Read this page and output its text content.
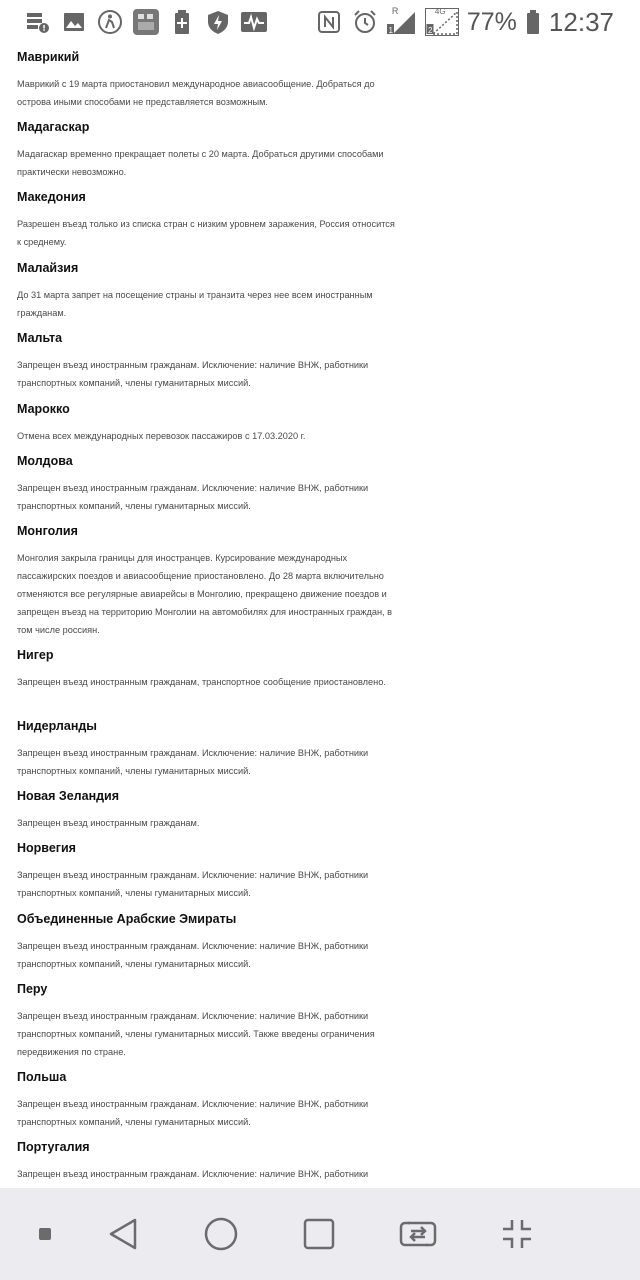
1
R
2
4G 77% 12:37

Маврикий

Маврикий с 19 марта приостановил международное авиасообщение. Добраться до острова иными способами не представляется возможным.

Мадагаскар

Мадагаскар временно прекращает полеты с 20 марта. Добраться другими способами практически невозможно.

Македония

Разрешен въезд только из списка стран с низким уровнем заражения, Россия относится к среднему.

Малайзия

До 31 марта запрет на посещение страны и транзита через нее всем иностранным гражданам.

Мальта

Запрещен въезд иностранным гражданам. Исключение: наличие ВНЖ, работники транспортных компаний, члены гуманитарных миссий.

Марокко

Отмена всех международных перевозок пассажиров с 17.03.2020 г.

Молдова

Запрещен въезд иностранным гражданам. Исключение: наличие ВНЖ, работники транспортных компаний, члены гуманитарных миссий.

Монголия

Монголия закрыла границы для иностранцев. Курсирование международных пассажирских поездов и авиасообщение приостановлено. До 28 марта включительно отменяются все регулярные авиарейсы в Монголию, прекращено движение поездов и запрещен въезд на территорию Монголии на автомобилях для иностранных граждан, в том числе россиян.

Нигер

Запрещен въезд иностранным гражданам, транспортное сообщение приостановлено.

Нидерланды

Запрещен въезд иностранным гражданам. Исключение: наличие ВНЖ, работники транспортных компаний, члены гуманитарных миссий.

Новая Зеландия

Запрещен въезд иностранным гражданам.

Норвегия

Запрещен въезд иностранным гражданам. Исключение: наличие ВНЖ, работники транспортных компаний, члены гуманитарных миссий.

Объединенные Арабские Эмираты

Запрещен въезд иностранным гражданам. Исключение: наличие ВНЖ, работники транспортных компаний, члены гуманитарных миссий.

Перу

Запрещен въезд иностранным гражданам. Исключение: наличие ВНЖ, работники транспортных компаний, члены гуманитарных миссий. Также введены ограничения передвижения по стране.

Польша

Запрещен въезд иностранным гражданам. Исключение: наличие ВНЖ, работники транспортных компаний, члены гуманитарных миссий.

Португалия

Запрещен въезд иностранным гражданам. Исключение: наличие ВНЖ, работники
